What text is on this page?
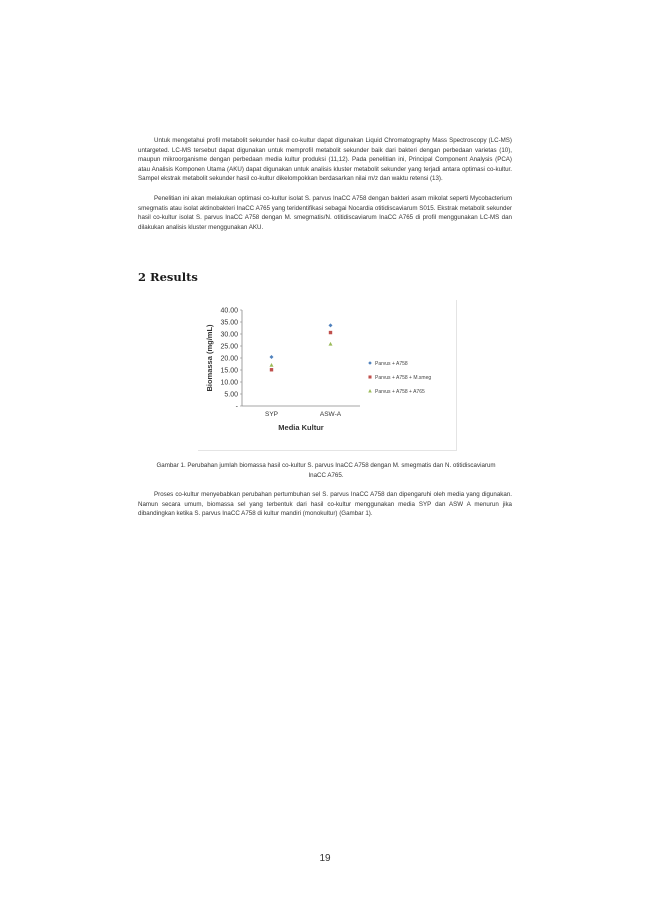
Untuk mengetahui profil metabolit sekunder hasil co-kultur dapat digunakan Liquid Chromatography Mass Spectroscopy (LC-MS) untargeted. LC-MS tersebut dapat digunakan untuk memprofil metabolit sekunder baik dari bakteri dengan perbedaan varietas (10), maupun mikroorganisme dengan perbedaan media kultur produksi (11,12). Pada penelitian ini, Principal Component Analysis (PCA) atau Analisis Komponen Utama (AKU) dapat digunakan untuk analisis kluster metabolit sekunder yang terjadi antara optimasi co-kultur. Sampel ekstrak metabolit sekunder hasil co-kultur dikelompokkan berdasarkan nilai m/z dan waktu retensi (13).

Penelitian ini akan melakukan optimasi co-kultur isolat S. parvus InaCC A758 dengan bakteri asam mikolat seperti Mycobacterium smegmatis atau isolat aktinobakteri InaCC A765 yang teridentifikasi sebagai Nocardia otitidiscaviarum S015. Ekstrak metabolit sekunder hasil co-kultur isolat S. parvus InaCC A758 dengan M. smegmatis/N. otitidiscaviarum InaCC A765 di profil menggunakan LC-MS dan dilakukan analisis kluster menggunakan AKU.

2 Results
-
5.00
10.00
15.00
20.00
25.00
30.00
35.00
40.00
SYP	ASW-A
Media Kultur
Biomassa (mg/mL)	Parvus + A758
Parvus + A758 + M.smeg
Parvus + A758 + A765

Gambar 1. Perubahan jumlah biomassa hasil co-kultur S. parvus InaCC A758 dengan M. smegmatis dan N. otitidiscaviarum InaCC A765.

Proses co-kultur menyebabkan perubahan pertumbuhan sel S. parvus InaCC A758 dan dipengaruhi oleh media yang digunakan. Namun secara umum, biomassa sel yang terbentuk dari hasil co-kultur menggunakan media SYP dan ASW A menurun jika dibandingkan ketika S. parvus InaCC A758 di kultur mandiri (monokultur) (Gambar 1).

19
